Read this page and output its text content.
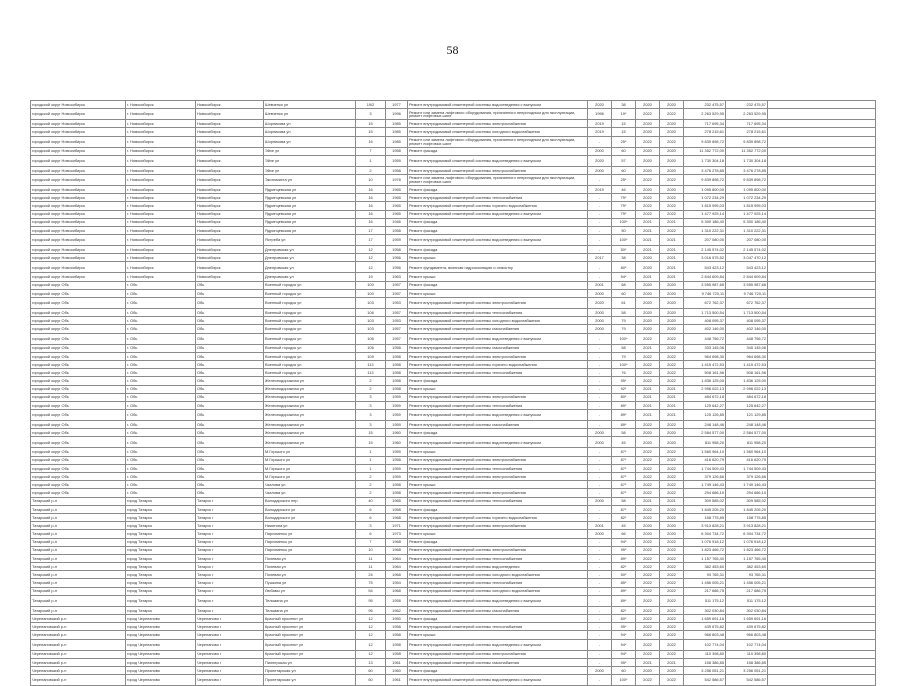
58
городской округ Новосибирск	г. Новосибирск	Новосибирск	Шевченко ул	19/2	1977	Ремонт внутридомовой инженерной системы водоотведения с выпуском	2020	38	2020	2020	232 475,57	232 475,57	
городской округ Новосибирск	г. Новосибирск	Новосибирск	Шевченко ул	3	1996	Ремонт или замена лифтового оборудования, признанного непригодным для эксплуатации, ремонт лифтовых шахт	1996	19*	2022	2022	2 263 529,95	2 263 529,95	
городской округ Новосибирск	г. Новосибирск	Новосибирск	Шорникова ул	15	1985	Ремонт внутридомовой инженерной системы электроснабжения	2019	15	2020	2020	717 695,34	717 695,34	
городской округ Новосибирск	г. Новосибирск	Новосибирск	Шорникова ул	15	1985	Ремонт внутридомовой инженерной системы холодного водоснабжения	2019	15	2020	2020	278 215,61	278 215,61	
городской округ Новосибирск	г. Новосибирск	Новосибирск	Шорникова ул	16	1985	Ремонт или замена лифтового оборудования, признанного непригодным для эксплуатации, ремонт лифтовых шахт	-	25*	2022	2022	9 839 898,72	9 839 898,72	
городской округ Новосибирск	г. Новосибирск	Новосибирск	Эйхе ул	7	1958	Ремонт фасада	2000	60	2020	2020	11 352 772,00	11 352 772,00	
городской округ Новосибирск	г. Новосибирск	Новосибирск	Эйхе ул	1	1959	Ремонт внутридомовой инженерной системы водоотведения с выпуском	2020	57	2020	2020	1 730 304,18	1 730 304,18	
городской округ Новосибирск	г. Новосибирск	Новосибирск	Эйхе ул	2	1958	Ремонт внутридомовой инженерной системы электроснабжения	2000	60	2020	2020	3 476 278,85	3 476 278,85	
городской округ Новосибирск	г. Новосибирск	Новосибирск	Экономиста ул	10	1978	Ремонт или замена лифтового оборудования, признанного непригодным для эксплуатации, ремонт лифтовых шахт	-	25*	2022	2022	9 839 898,72	9 839 898,72	
городской округ Новосибирск	г. Новосибирск	Новосибирск	Ядринцевская ул	16	1965	Ремонт фасада	2019	46	2020	2020	1 095 800,00	1 095 800,00	
городской округ Новосибирск	г. Новосибирск	Новосибирск	Ядринцевская ул	16	1965	Ремонт внутридомовой инженерной системы теплоснабжения	-	79*	2022	2022	1 072 234,29	1 072 234,29	
городской округ Новосибирск	г. Новосибирск	Новосибирск	Ядринцевская ул	16	1965	Ремонт внутридомовой инженерной системы горячего водоснабжения	-	79*	2022	2022	1 815 995,03	1 815 995,03	
городской округ Новосибирск	г. Новосибирск	Новосибирск	Ядринцевская ул	16	1965	Ремонт внутридомовой инженерной системы водоотведения с выпуском	-	79*	2022	2022	1 477 925,14	1 477 925,14	
городской округ Новосибирск	г. Новосибирск	Новосибирск	Ядринцевская ул	16	1946	Ремонт фасада	-	100*	2021	2021	5 300 186,40	5 300 186,40	
городской округ Новосибирск	г. Новосибирск	Новосибирск	Ядринцевская ул	17	1958	Ремонт фасада	-	50	2021	2022	1 310 222,31	1 310 222,31	
городской округ Новосибирск	г. Новосибирск	Новосибирск	Ястреба ул	17	1959	Ремонт внутридомовой инженерной системы водоотведения с выпуском	-	100*	2021	2021	207 080,00	207 080,00	
городской округ Новосибирск	г. Новосибирск	Новосибирск	Днепровская ул	12	1958	Ремонт фасада	-	50*	2021	2021	2 145 574,02	2 145 574,02	
городской округ Новосибирск	г. Новосибирск	Новосибирск	Днепровская ул	12	1956	Ремонт крыши	2017	38	2020	2021	3 016 575,52	3 047 470,12	
городской округ Новосибирск	г. Новосибирск	Новосибирск	Днепровская ул	12	1956	Ремонт фундамента, включая гидроизоляцию и отмостку	-	80*	2020	2021	543 423,12	543 423,12	
городской округ Новосибирск	г. Новосибирск	Новосибирск	Днепровская ул	19	1963	Ремонт крыши	-	94*	2021	2021	2 844 609,84	2 844 609,84	
городской округ Обь	г. Обь	Обь	Военный городок ул	100	1957	Ремонт фасада	2001	68	2020	2020	3 555 987,66	3 555 987,66	
городской округ Обь	г. Обь	Обь	Военный городок ул	100	1957	Ремонт крыши	2000	60	2020	2020	9 746 720,11	9 746 720,11	
городской округ Обь	г. Обь	Обь	Военный городок ул	103	1953	Ремонт внутридомовой инженерной системы электроснабжения	2020	61	2020	2020	672 762,37	672 762,37	
городской округ Обь	г. Обь	Обь	Военный городок ул	106	1957	Ремонт внутридомовой инженерной системы теплоснабжения	2000	58	2020	2020	1 713 500,54	1 713 500,54	
городской округ Обь	г. Обь	Обь	Военный городок ул	103	1953	Ремонт внутридомовой инженерной системы холодного водоснабжения	2000	79	2020	2020	408 095,37	408 095,37	
городской округ Обь	г. Обь	Обь	Военный городок ул	103	1957	Ремонт внутридомовой инженерной системы газоснабжения	2000	79	2020	2020	402 146,00	402 146,00	
городской округ Обь	г. Обь	Обь	Военный городок ул	106	1957	Ремонт внутридомовой инженерной системы водоотведения с выпуском	-	100*	2022	2022	448 756,72	448 756,72	
городской округ Обь	г. Обь	Обь	Военный городок ул	106	1958	Ремонт внутридомовой инженерной системы газоснабжения	-	58	2021	2022	333 145,06	345 145,06	
городской округ Обь	г. Обь	Обь	Военный городок ул	109	1958	Ремонт внутридомовой инженерной системы электроснабжения	-	79	2022	2022	964 698,30	964 698,30	
городской округ Обь	г. Обь	Обь	Военный городок ул	113	1958	Ремонт внутридомовой инженерной системы горячего водоснабжения	-	100*	2022	2022	1 415 472,53	1 415 472,53	
городской округ Обь	г. Обь	Обь	Военный городок ул	113	1958	Ремонт внутридомовой инженерной системы теплоснабжения	-	76	2022	2022	508 161,96	508 161,96	
городской округ Обь	г. Обь	Обь	Железнодорожная ул	2	1958	Ремонт фасада	-	95*	2022	2022	1 836 125,00	1 836 125,00	
городской округ Обь	г. Обь	Обь	Железнодорожная ул	2	1958	Ремонт крыши	-	92*	2021	2021	2 996 022,13	2 996 022,13	
городской округ Обь	г. Обь	Обь	Железнодорожная ул	3	1959	Ремонт внутридомовой инженерной системы электроснабжения	-	80*	2021	2021	484 672,18	484 672,18	
городской округ Обь	г. Обь	Обь	Железнодорожная ул	3	1959	Ремонт внутридомовой инженерной системы теплоснабжения	-	89*	2021	2021	125 642,27	125 642,27	
городской округ Обь	г. Обь	Обь	Железнодорожная ул	3	1959	Ремонт внутридомовой инженерной системы водоотведения с выпуском	-	89*	2021	2021	125 126,85	121 129,85	
городской округ Обь	г. Обь	Обь	Железнодорожная ул	3	1959	Ремонт внутридомовой инженерной системы газоснабжения	-	89*	2022	2022	248 148,46	248 148,46	
городской округ Обь	г. Обь	Обь	Железнодорожная ул	15	1960	Ремонт фасада	2000	58	2020	2020	2 584 577,00	2 584 577,00	
городской округ Обь	г. Обь	Обь	Железнодорожная ул	15	1960	Ремонт внутридомовой инженерной системы водоотведения с выпуском	2000	45	2020	2020	811 958,20	811 958,20	
городской округ Обь	г. Обь	Обь	М.Горького ул	1	1959	Ремонт крыши	-	87*	2022	2022	1 560 964,10	1 560 964,10	
городской округ Обь	г. Обь	Обь	М.Горького ул	1	1958	Ремонт внутридомовой инженерной системы электроснабжения	-	87*	2022	2022	416 620,79	416 620,79	
городской округ Обь	г. Обь	Обь	М.Горького ул	1	1959	Ремонт внутридомовой инженерной системы теплоснабжения	-	87*	2022	2022	1 744 509,43	1 744 509,43	
городской округ Обь	г. Обь	Обь	М.Горького ул	2	1959	Ремонт внутридомовой инженерной системы электроснабжения	-	87*	2022	2022	379 126,66	379 126,66	
городской округ Обь	г. Обь	Обь	Чкалова ул	2	1958	Ремонт крыши	-	67*	2022	2022	1 749 146,43	1 749 146,43	
городской округ Обь	г. Обь	Обь	Чкалова ул	2	1958	Ремонт внутридомовой инженерной системы электроснабжения	-	87*	2022	2022	294 686,10	294 686,10	
Татарский р-н	город Татарск	Татарск г	Володарского пер	40	1965	Ремонт внутридомовой инженерной системы теплоснабжения	2000	58	2021	2021	309 585,02	309 585,02	
Татарский р-н	город Татарск	Татарск г	Володарского ул	6	1958	Ремонт фасада	-	87*	2022	2022	1 845 205,20	1 845 205,20	
Татарский р-н	город Татарск	Татарск г	Володарского ул	6	1968	Ремонт внутридомовой инженерной системы горячего водоснабжения	-	82*	2022	2022	158 775,85	158 775,85	
Татарский р-н	город Татарск	Татарск г	Никитина ул	3	1971	Ремонт внутридомовой инженерной системы электроснабжения	2001	45	2020	2020	3 913 828,21	3 913 828,21	
Татарский р-н	город Татарск	Татарск г	Пархоменко ул	6	1973	Ремонт крыши	2000	66	2020	2020	6 304 734,72	6 304 734,72	
Татарский р-н	город Татарск	Татарск г	Пархоменко ул	7	1968	Ремонт фасада	-	94*	2022	2022	1 076 918,12	1 076 918,12	
Татарский р-н	город Татарск	Татарск г	Пархоменко ул	10	1968	Ремонт внутридомовой инженерной системы электроснабжения	-	95*	2022	2022	1 823 466,72	1 823 466,72	
Татарский р-н	город Татарск	Татарск г	Полевая ул	11	1964	Ремонт внутридомовой инженерной системы теплоснабжения	-	89*	2022	2022	1 157 765,40	1 157 765,40	
Татарский р-н	город Татарск	Татарск г	Полевая ул	11	1964	Ремонт внутридомовой инженерной системы водоотведения	-	82*	2022	2022	382 453,60	382 453,60	
Татарский р-н	город Татарск	Татарск г	Полевая ул	24	1968	Ремонт внутридомовой инженерной системы холодного водоснабжения	-	50*	2022	2022	93 765,31	93 765,31	
Татарский р-н	город Татарск	Татарск г	Пушкина ул	75	1954	Ремонт внутридомовой инженерной системы теплоснабжения	-	85*	2022	2022	1 456 005,21	1 456 005,21	
Татарский р-н	город Татарск	Татарск г	Любавы ул	54	1968	Ремонт внутридомовой инженерной системы холодного водоснабжения	-	89*	2022	2022	217 686,75	217 686,75	
Татарский р-н	город Татарск	Татарск г	Тельмана ул	95	1958	Ремонт внутридомовой инженерной системы водоотведения с выпуском	-	89*	2022	2022	511 175,12	511 175,12	
Татарский р-н	город Татарск	Татарск г	Тельмана ул	95	1962	Ремонт внутридомовой инженерной системы газоснабжения	-	82*	2022	2022	302 030,84	302 030,84	
Черепановский р-н	город Черепаново	Черепаново г	Красный проспект ул	12	1950	Ремонт фасада	-	60*	2022	2022	1 659 691,16	1 659 691,16	
Черепановский р-н	город Черепаново	Черепаново г	Красный проспект ул	12	1958	Ремонт внутридомовой инженерной системы теплоснабжения	-	95*	2022	2022	439 675,82	439 675,82	
Черепановский р-н	город Черепаново	Черепаново г	Красный проспект ул	12	1958	Ремонт крыши	-	94*	2022	2022	966 803,48	966 803,48	
Черепановский р-н	город Черепаново	Черепаново г	Красный проспект ул	12	1958	Ремонт внутридомовой инженерной системы водоотведения с выпуском	-	94*	2022	2022	102 774,04	102 774,04	
Черепановский р-н	город Черепаново	Черепаново г	Красный проспект ул	12	1958	Ремонт внутридомовой инженерной системы электроснабжения	-	94*	2022	2022	110 398,80	110 398,80	
Черепановский р-н	город Черепаново	Черепаново г	Пионерская ул	13	1961	Ремонт внутридомовой инженерной системы газоснабжения	-	95*	2021	2021	158 386,85	158 386,85	
Черепановский р-н	город Черепаново	Черепаново г	Пролетарская ул	60	1960	Ремонт фасада	2000	60	2020	2020	3 256 051,21	3 256 051,21	
Черепановский р-н	город Черепаново	Черепаново г	Пролетарская ул	60	1961	Ремонт внутридомовой инженерной системы водоотведения с выпуском	-	100*	2022	2022	542 586,57	542 586,57	
